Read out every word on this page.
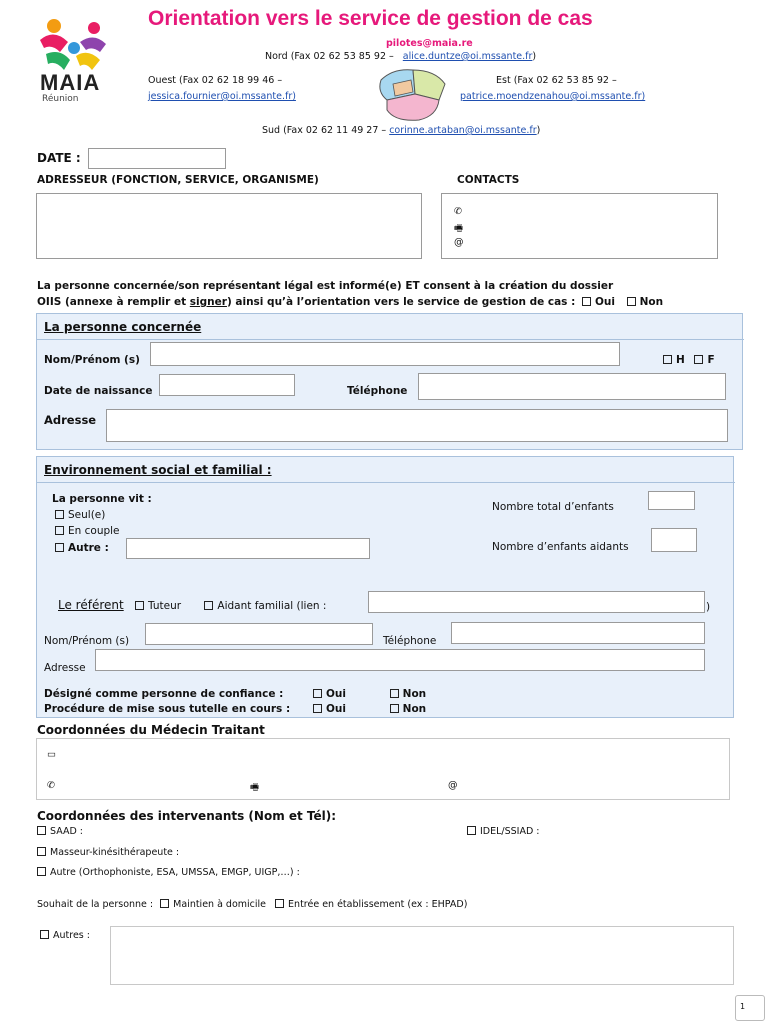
MAIA
Réunion
Orientation vers le service de gestion de cas
pilotes@maia.re
Nord (Fax 02 62 53 85 92 – alice.duntze@oi.mssante.fr)
Ouest (Fax 02 62 18 99 46 –
jessica.fournier@oi.mssante.fr)
Est (Fax 02 62 53 85 92 –
patrice.moendzenahou@oi.mssante.fr)
Sud (Fax 02 62 11 49 27 – corinne.artaban@oi.mssante.fr)
DATE :
ADRESSEUR (FONCTION, SERVICE, ORGANISME)	CONTACTS
✆
🖷
@
La personne concernée/son représentant légal est informé(e) ET consent à la création du dossier
OIIS (annexe à remplir et signer) ainsi qu’à l’orientation vers le service de gestion de cas : Oui Non
La personne concernée
Nom/Prénom (s)	H F
Date de naissance	Téléphone
Adresse
Environnement social et familial :
La personne vit :
Seul(e)
En couple
Autre :
Nombre total d’enfants
Nombre d’enfants aidants
Le référent Tuteur	Aidant familial (lien :	)
Nom/Prénom (s)	Téléphone
Adresse
Désigné comme personne de confiance :	Oui	Non
Procédure de mise sous tutelle en cours :	Oui	Non
Coordonnées du Médecin Traitant
▭
✆	🖷	@
Coordonnées des intervenants (Nom et Tél):
SAAD :	IDEL/SSIAD :
Masseur-kinésithérapeute :
Autre (Orthophoniste, ESA, UMSSA, EMGP, UIGP,…) :
Souhait de la personne : Maintien à domicile Entrée en établissement (ex : EHPAD)
Autres :
1
